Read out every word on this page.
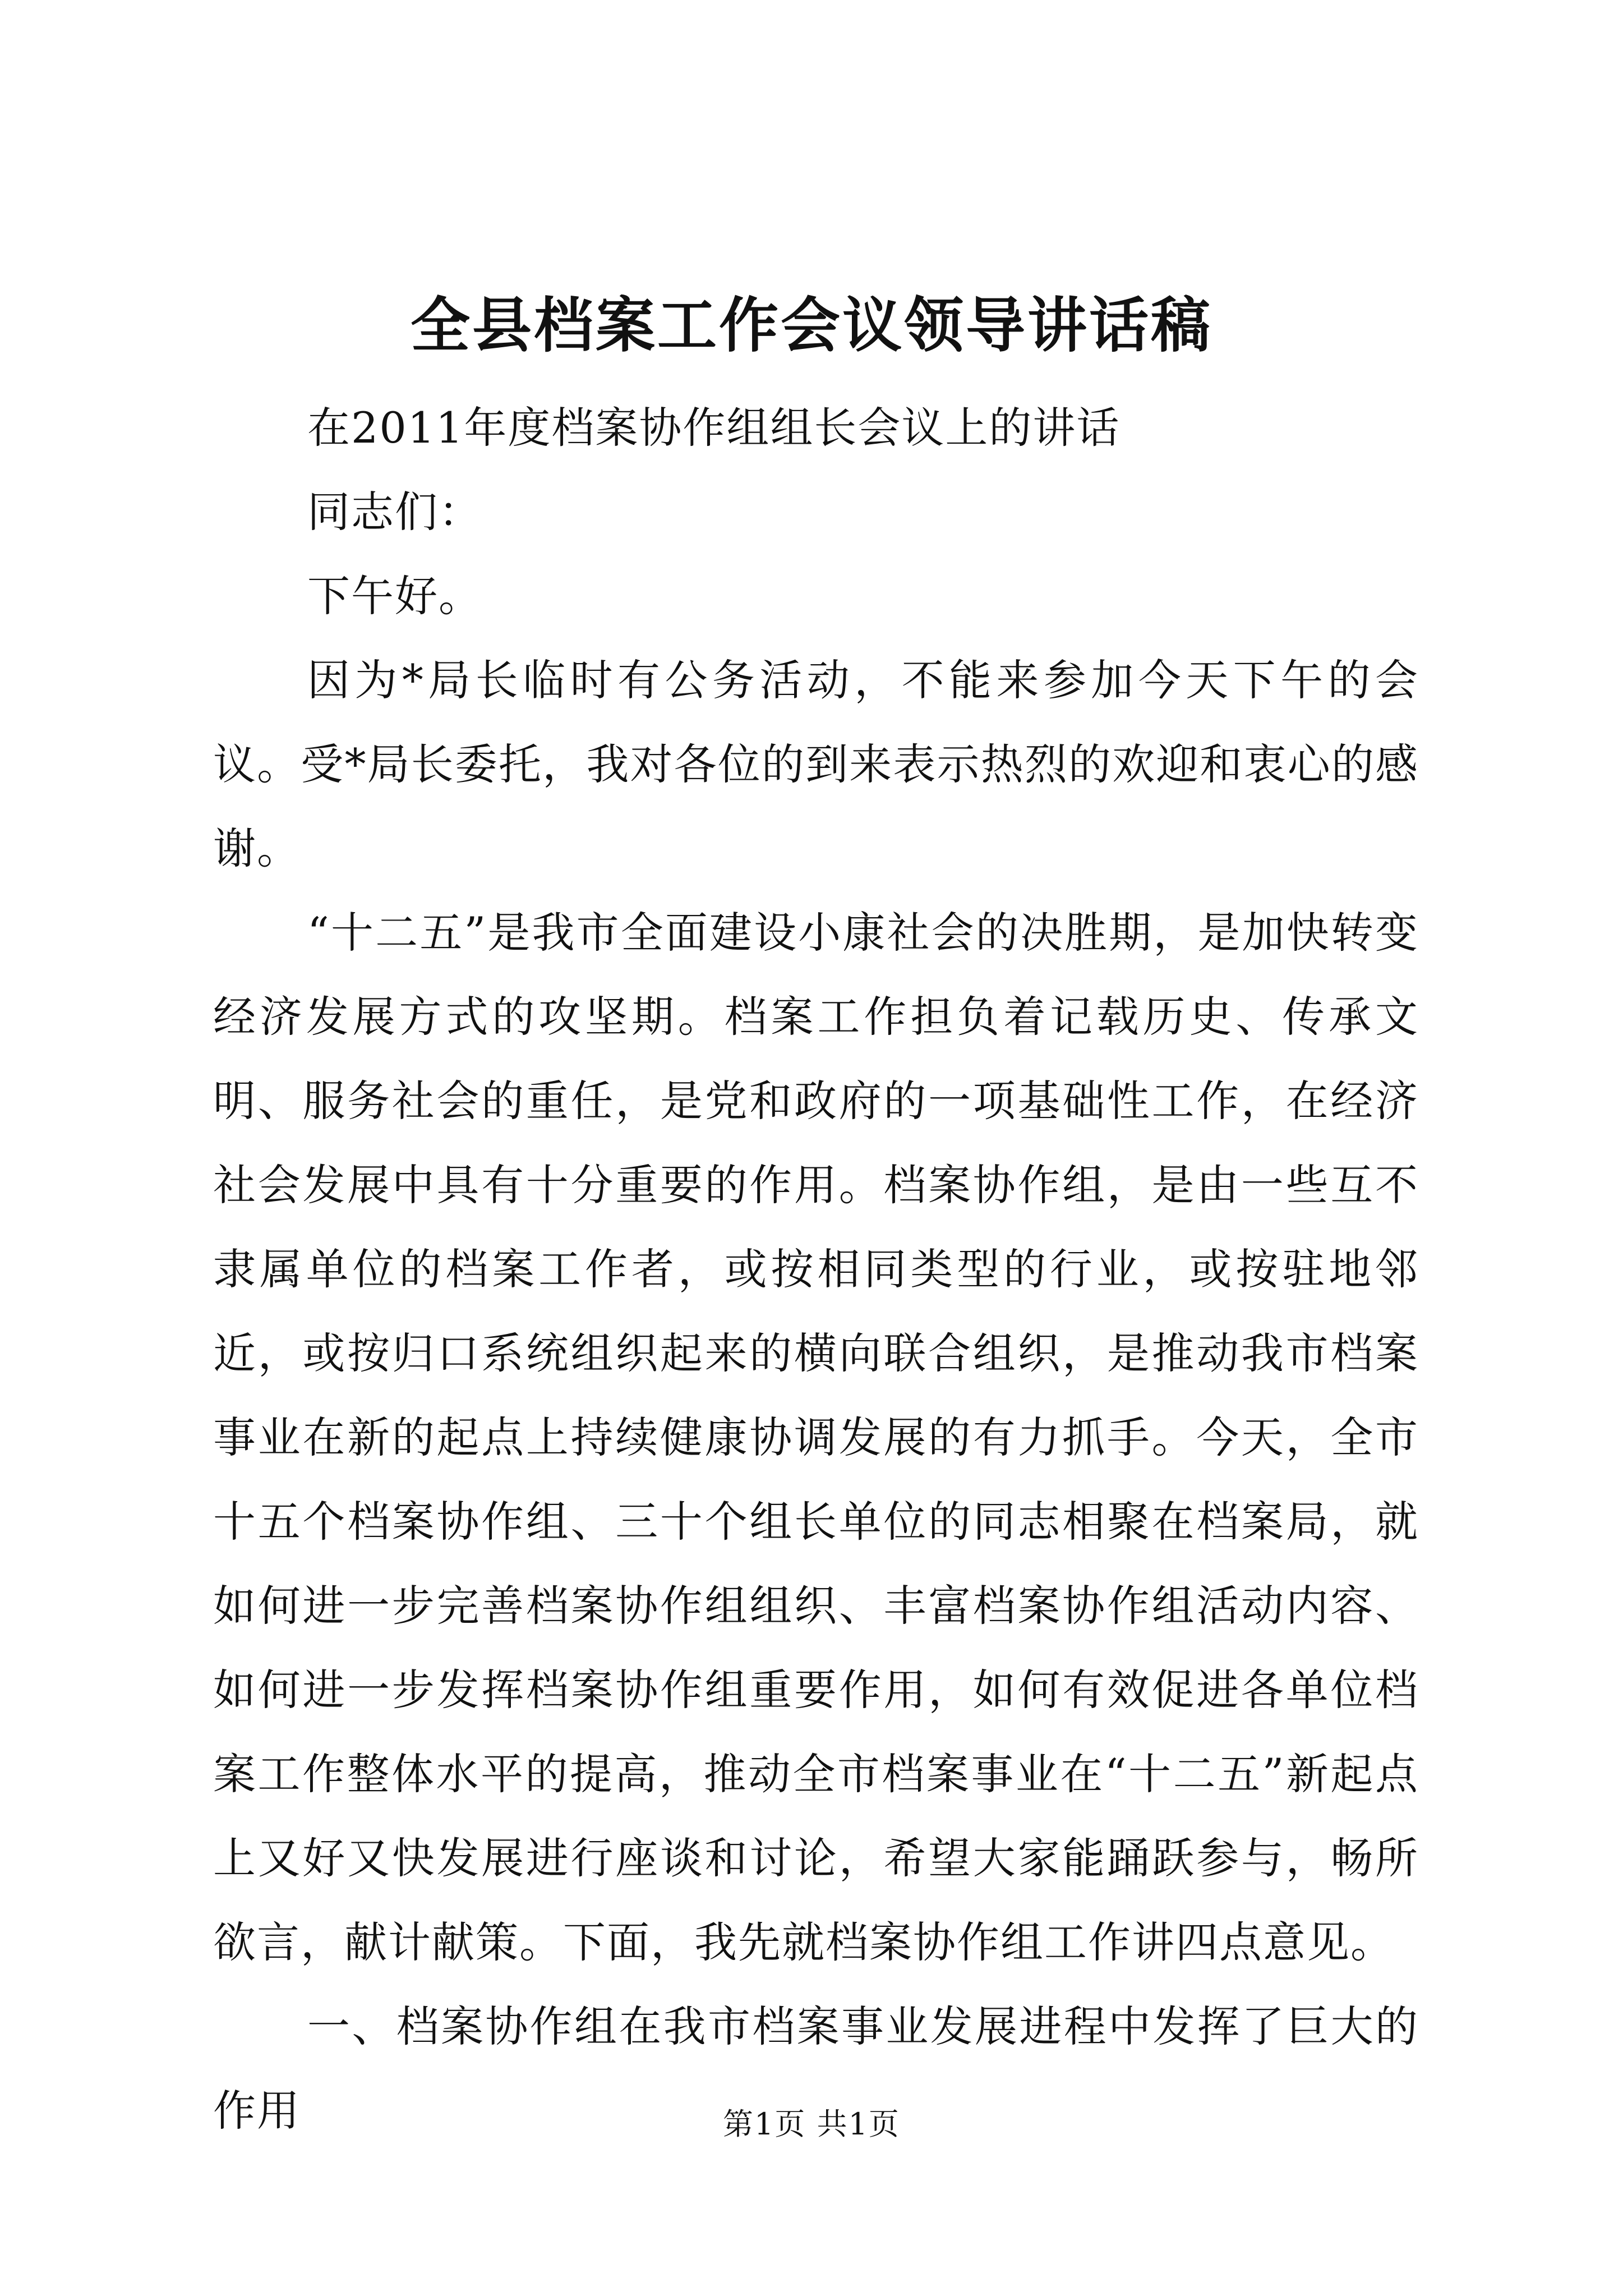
全县档案工作会议领导讲话稿

在2011年度档案协作组组长会议上的讲话

同志们：

下午好。

因为*局长临时有公务活动，不能来参加今天下午的会议。受*局长委托，我对各位的到来表示热烈的欢迎和衷心的感谢。

“十二五”是我市全面建设小康社会的决胜期，是加快转变经济发展方式的攻坚期。档案工作担负着记载历史、传承文明、服务社会的重任，是党和政府的一项基础性工作，在经济社会发展中具有十分重要的作用。档案协作组，是由一些互不隶属单位的档案工作者，或按相同类型的行业，或按驻地邻近，或按归口系统组织起来的横向联合组织，是推动我市档案事业在新的起点上持续健康协调发展的有力抓手。今天，全市十五个档案协作组、三十个组长单位的同志相聚在档案局，就如何进一步完善档案协作组组织、丰富档案协作组活动内容、如何进一步发挥档案协作组重要作用，如何有效促进各单位档案工作整体水平的提高，推动全市档案事业在“十二五”新起点上又好又快发展进行座谈和讨论，希望大家能踊跃参与，畅所欲言，献计献策。下面，我先就档案协作组工作讲四点意见。

一、档案协作组在我市档案事业发展进程中发挥了巨大的作用	第1页 共1页
